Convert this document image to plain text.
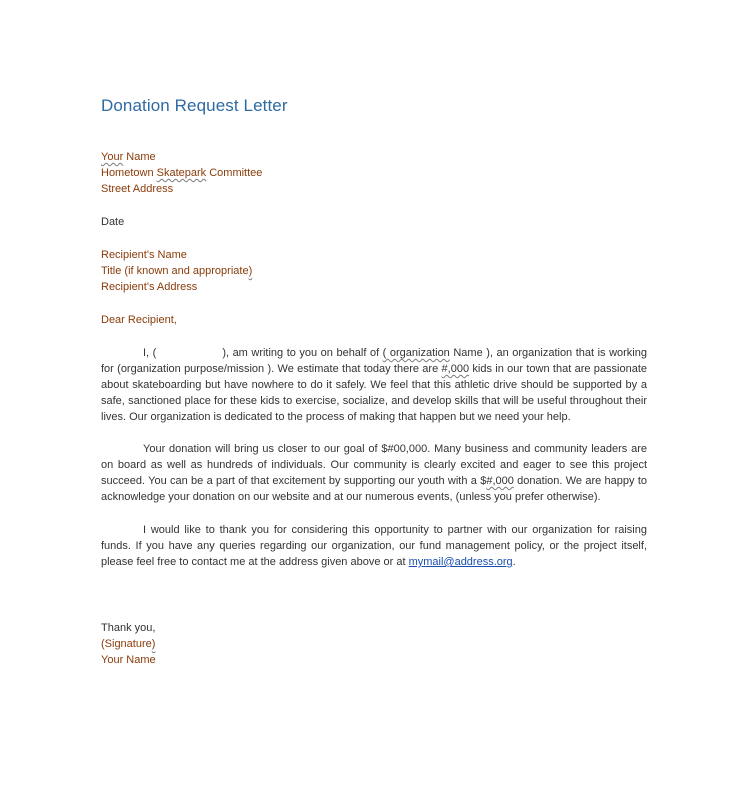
Donation Request Letter
Your Name
Hometown Skatepark Committee
Street Address
Date
Recipient's Name
Title (if known and appropriate)
Recipient's Address
Dear Recipient,
I, (	), am writing to you on behalf of ( organization Name ), an organization that is working for (organization purpose/mission ). We estimate that today there are #,000 kids in our town that are passionate about skateboarding but have nowhere to do it safely. We feel that this athletic drive should be supported by a safe, sanctioned place for these kids to exercise, socialize, and develop skills that will be useful throughout their lives. Our organization is dedicated to the process of making that happen but we need your help.
Your donation will bring us closer to our goal of $#00,000. Many business and community leaders are on board as well as hundreds of individuals. Our community is clearly excited and eager to see this project succeed. You can be a part of that excitement by supporting our youth with a $#,000 donation. We are happy to acknowledge your donation on our website and at our numerous events, (unless you prefer otherwise).
I would like to thank you for considering this opportunity to partner with our organization for raising funds. If you have any queries regarding our organization, our fund management policy, or the project itself, please feel free to contact me at the address given above or at mymail@address.org.
Thank you,
(Signature)
Your Name
